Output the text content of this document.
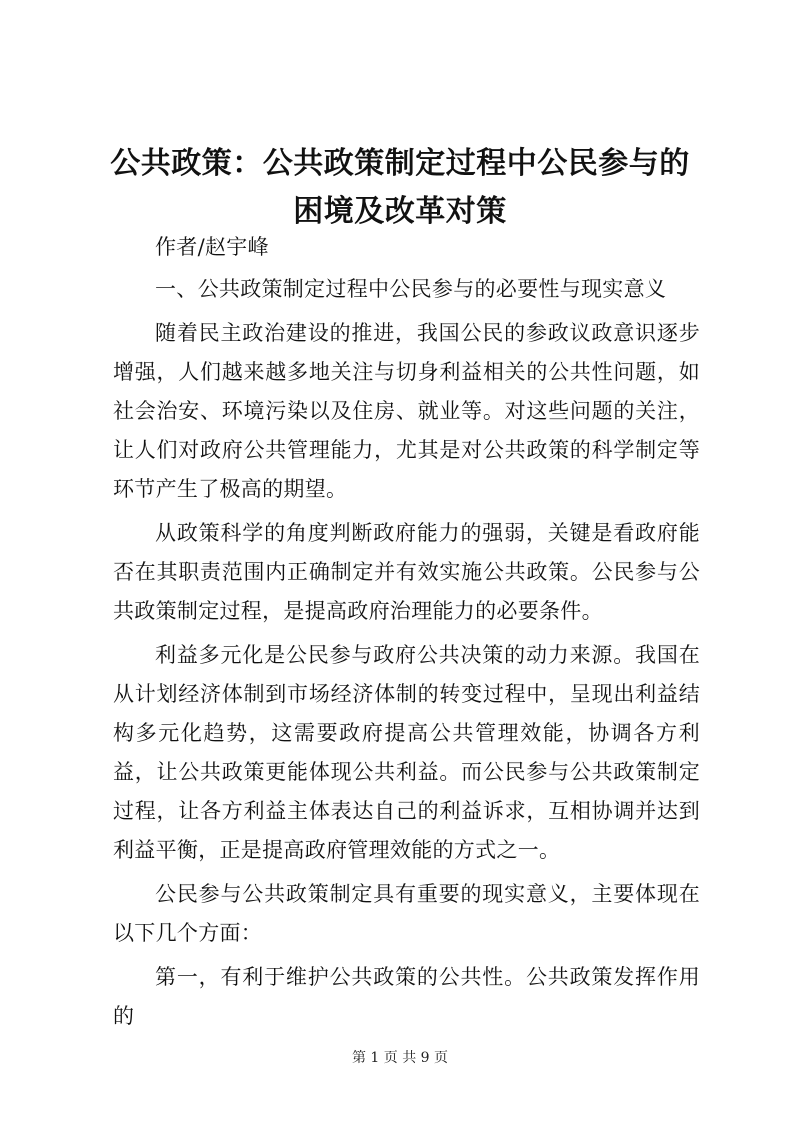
公共政策：公共政策制定过程中公民参与的困境及改革对策

作者/赵宇峰

一、公共政策制定过程中公民参与的必要性与现实意义

随着民主政治建设的推进，我国公民的参政议政意识逐步增强，人们越来越多地关注与切身利益相关的公共性问题，如社会治安、环境污染以及住房、就业等。对这些问题的关注，让人们对政府公共管理能力，尤其是对公共政策的科学制定等环节产生了极高的期望。

从政策科学的角度判断政府能力的强弱，关键是看政府能否在其职责范围内正确制定并有效实施公共政策。公民参与公共政策制定过程，是提高政府治理能力的必要条件。

利益多元化是公民参与政府公共决策的动力来源。我国在从计划经济体制到市场经济体制的转变过程中，呈现出利益结构多元化趋势，这需要政府提高公共管理效能，协调各方利益，让公共政策更能体现公共利益。而公民参与公共政策制定过程，让各方利益主体表达自己的利益诉求，互相协调并达到利益平衡，正是提高政府管理效能的方式之一。

公民参与公共政策制定具有重要的现实意义，主要体现在以下几个方面：

第一，有利于维护公共政策的公共性。公共政策发挥作用的

第 1 页 共 9 页
